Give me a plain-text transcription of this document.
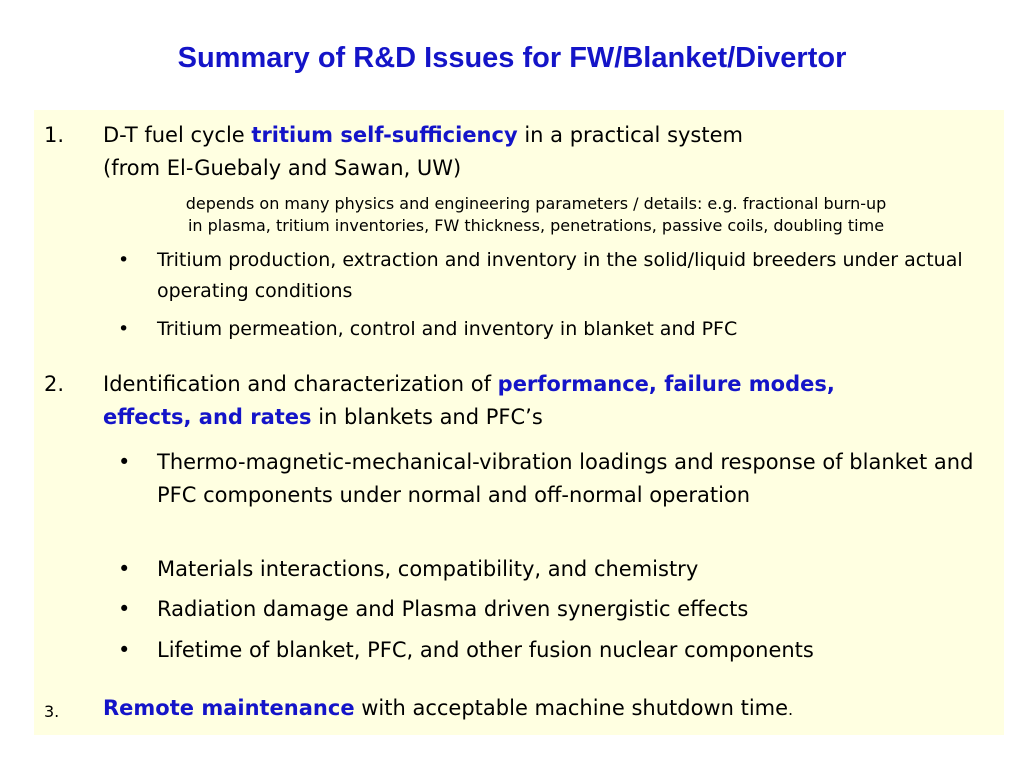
Summary of R&D Issues for FW/Blanket/Divertor
1.	D-T fuel cycle tritium self-sufficiency in a practical system
(from El-Guebaly and Sawan, UW)
depends on many physics and engineering parameters / details: e.g. fractional burn-up
in plasma, tritium inventories, FW thickness, penetrations, passive coils, doubling time
• Tritium production, extraction and inventory in the solid/liquid breeders under actual operating conditions
• Tritium permeation, control and inventory in blanket and PFC
2.	Identification and characterization of performance, failure modes,
effects, and rates in blankets and PFC’s
• Thermo-magnetic-mechanical-vibration loadings and response of blanket and PFC components under normal and off-normal operation
• Materials interactions, compatibility, and chemistry
• Radiation damage and Plasma driven synergistic effects
• Lifetime of blanket, PFC, and other fusion nuclear components
3.	Remote maintenance with acceptable machine shutdown time.
